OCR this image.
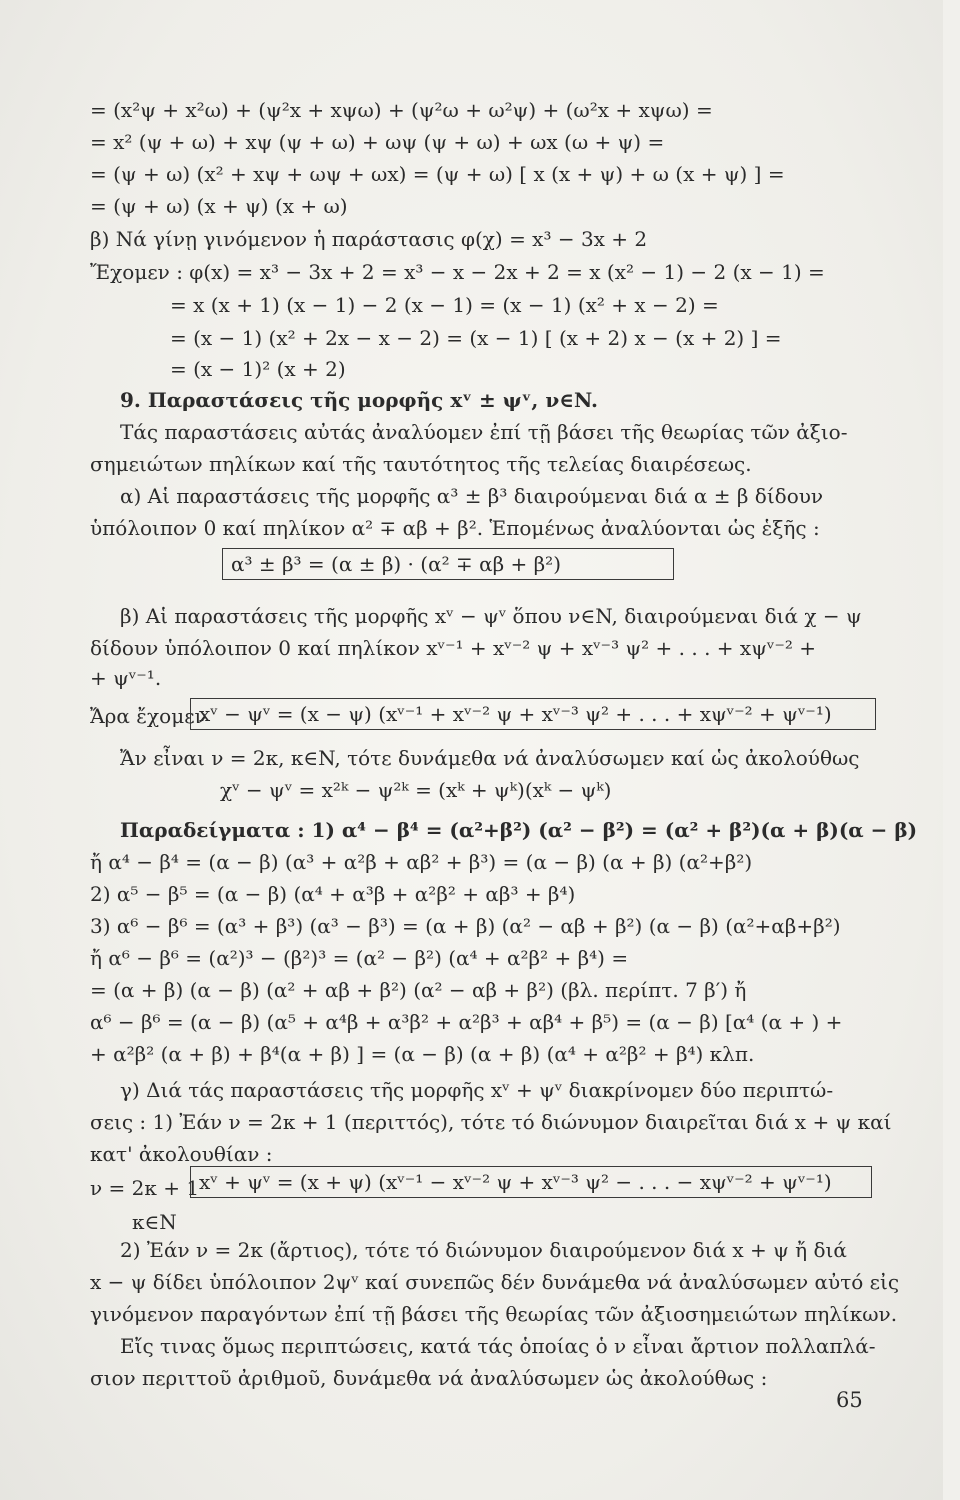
= (x²ψ + x²ω) + (ψ²x + xψω) + (ψ²ω + ω²ψ) + (ω²x + xψω) =
= x² (ψ + ω) + xψ (ψ + ω) + ωψ (ψ + ω) + ωx (ω + ψ) =
= (ψ + ω) (x² + xψ + ωψ + ωx) = (ψ + ω) [ x (x + ψ) + ω (x + ψ) ] =
= (ψ + ω) (x + ψ) (x + ω)
β) Νά γίνῃ γινόμενον ἡ παράστασις φ(χ) = x³ − 3x + 2
Ἔχομεν : φ(x) = x³ − 3x + 2 = x³ − x − 2x + 2 = x (x² − 1) − 2 (x − 1) =
= x (x + 1) (x − 1) − 2 (x − 1) = (x − 1) (x² + x − 2) =
= (x − 1) (x² + 2x − x − 2) = (x − 1) [ (x + 2) x − (x + 2) ] =
= (x − 1)² (x + 2)
9. Παραστάσεις τῆς μορφῆς xᵛ ± ψᵛ, ν∈N.
Τάς παραστάσεις αὐτάς ἀναλύομεν ἐπί τῇ βάσει τῆς θεωρίας τῶν ἀξιο-
σημειώτων πηλίκων καί τῆς ταυτότητος τῆς τελείας διαιρέσεως.
α) Αἱ παραστάσεις τῆς μορφῆς α³ ± β³ διαιρούμεναι διά α ± β δίδουν
ὑπόλοιπον 0 καί πηλίκον α² ∓ αβ + β². Ἑπομένως ἀναλύονται ὡς ἑξῆς :
α³ ± β³ = (α ± β) · (α² ∓ αβ + β²)
β) Αἱ παραστάσεις τῆς μορφῆς xᵛ − ψᵛ ὅπου ν∈N, διαιρούμεναι διά χ − ψ
δίδουν ὑπόλοιπον 0 καί πηλίκον xᵛ⁻¹ + xᵛ⁻² ψ + xᵛ⁻³ ψ² + . . . + xψᵛ⁻² +
+ ψᵛ⁻¹.
Ἄρα ἔχομεν
xᵛ − ψᵛ = (x − ψ) (xᵛ⁻¹ + xᵛ⁻² ψ + xᵛ⁻³ ψ² + . . . + xψᵛ⁻² + ψᵛ⁻¹)
Ἄν εἶναι ν = 2κ, κ∈N, τότε δυνάμεθα νά ἀναλύσωμεν καί ὡς ἀκολούθως
χᵛ − ψᵛ = x²ᵏ − ψ²ᵏ = (xᵏ + ψᵏ)(xᵏ − ψᵏ)
Παραδείγματα : 1) α⁴ − β⁴ = (α²+β²) (α² − β²) = (α² + β²)(α + β)(α − β)
ἤ α⁴ − β⁴ = (α − β) (α³ + α²β + αβ² + β³) = (α − β) (α + β) (α²+β²)
2) α⁵ − β⁵ = (α − β) (α⁴ + α³β + α²β² + αβ³ + β⁴)
3) α⁶ − β⁶ = (α³ + β³) (α³ − β³) = (α + β) (α² − αβ + β²) (α − β) (α²+αβ+β²)
ἤ α⁶ − β⁶ = (α²)³ − (β²)³ = (α² − β²) (α⁴ + α²β² + β⁴) =
= (α + β) (α − β) (α² + αβ + β²) (α² − αβ + β²) (βλ. περίπτ. 7 β′) ἤ
α⁶ − β⁶ = (α − β) (α⁵ + α⁴β + α³β² + α²β³ + αβ⁴ + β⁵) = (α − β) [α⁴ (α + ) +
+ α²β² (α + β) + β⁴(α + β) ] = (α − β) (α + β) (α⁴ + α²β² + β⁴) κλπ.
γ) Διά τάς παραστάσεις τῆς μορφῆς xᵛ + ψᵛ διακρίνομεν δύο περιπτώ-
σεις : 1) Ἐάν ν = 2κ + 1 (περιττός), τότε τό διώνυμον διαιρεῖται διά x + ψ καί
κατ' ἀκολουθίαν :
ν = 2κ + 1
κ∈N
xᵛ + ψᵛ = (x + ψ) (xᵛ⁻¹ − xᵛ⁻² ψ + xᵛ⁻³ ψ² − . . . − xψᵛ⁻² + ψᵛ⁻¹)
2) Ἐάν ν = 2κ (ἄρτιος), τότε τό διώνυμον διαιρούμενον διά x + ψ ἤ διά
x − ψ δίδει ὑπόλοιπον 2ψᵛ καί συνεπῶς δέν δυνάμεθα νά ἀναλύσωμεν αὐτό εἰς
γινόμενον παραγόντων ἐπί τῇ βάσει τῆς θεωρίας τῶν ἀξιοσημειώτων πηλίκων.
Εἴς τινας ὅμως περιπτώσεις, κατά τάς ὁποίας ὁ ν εἶναι ἄρτιον πολλαπλά-
σιον περιττοῦ ἀριθμοῦ, δυνάμεθα νά ἀναλύσωμεν ὡς ἀκολούθως :
65
